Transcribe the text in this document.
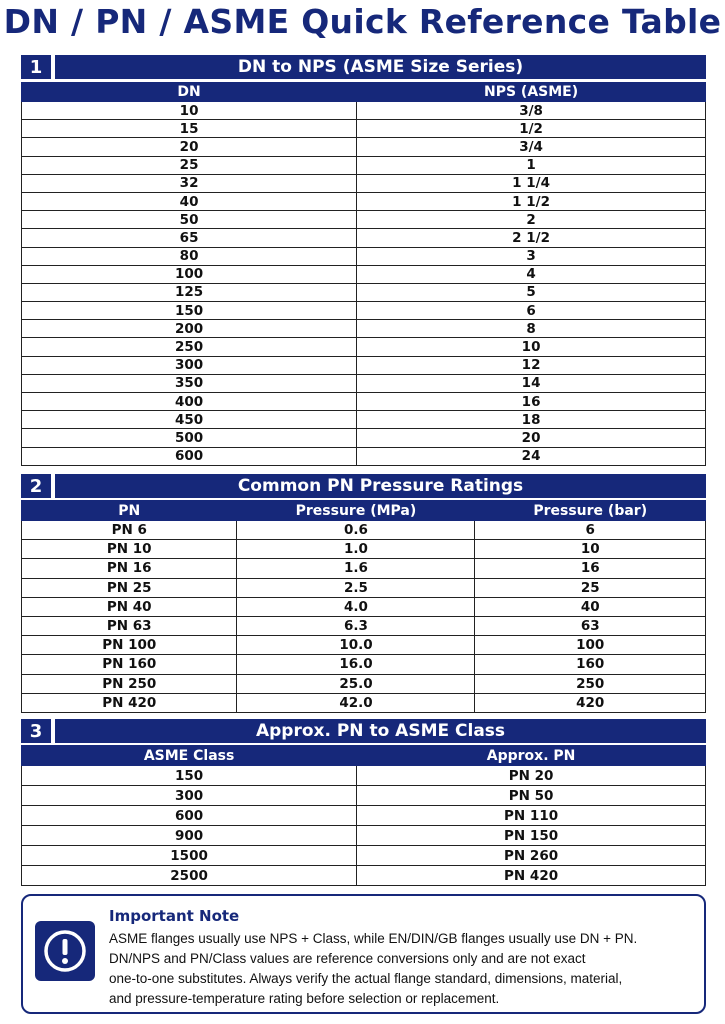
DN / PN / ASME Quick Reference Table
1	DN to NPS (ASME Size Series)
DN	NPS (ASME)
10	3/8
15	1/2
20	3/4
25	1
32	1 1/4
40	1 1/2
50	2
65	2 1/2
80	3
100	4
125	5
150	6
200	8
250	10
300	12
350	14
400	16
450	18
500	20
600	24
2	Common PN Pressure Ratings
PN	Pressure (MPa)	Pressure (bar)
PN 6	0.6	6
PN 10	1.0	10
PN 16	1.6	16
PN 25	2.5	25
PN 40	4.0	40
PN 63	6.3	63
PN 100	10.0	100
PN 160	16.0	160
PN 250	25.0	250
PN 420	42.0	420
3	Approx. PN to ASME Class
ASME Class	Approx. PN
150	PN 20
300	PN 50
600	PN 110
900	PN 150
1500	PN 260
2500	PN 420
Important Note
ASME flanges usually use NPS + Class, while EN/DIN/GB flanges usually use DN + PN.
DN/NPS and PN/Class values are reference conversions only and are not exact
one-to-one substitutes. Always verify the actual flange standard, dimensions, material,
and pressure-temperature rating before selection or replacement.
